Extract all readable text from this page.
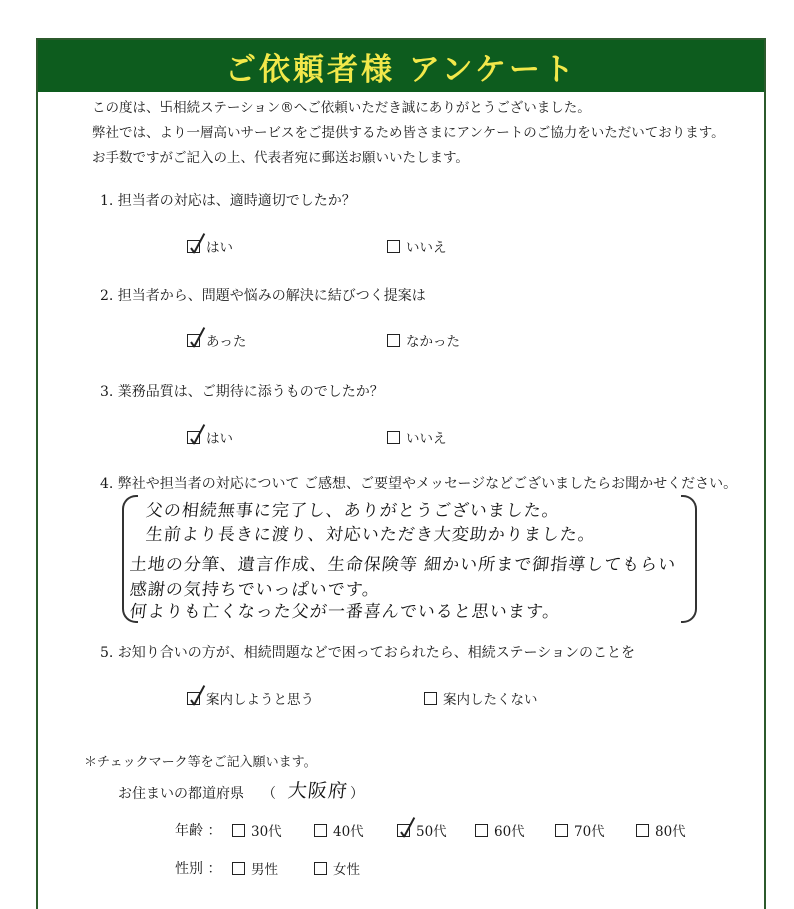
ご依頼者様 アンケート
この度は、࿕相続ステーション®へご依頼いただき誠にありがとうございました。
弊社では、より一層高いサービスをご提供するため皆さまにアンケートのご協力をいただいております。
お手数ですがご記入の上、代表者宛に郵送お願いいたします。
1. 担当者の対応は、適時適切でしたか？
はい	いいえ
2. 担当者から、問題や悩みの解決に結びつく提案は
あった	なかった
3. 業務品質は、ご期待に添うものでしたか？
はい	いいえ
4. 弊社や担当者の対応について ご感想、ご要望やメッセージなどございましたらお聞かせください。
父の相続無事に完了し、ありがとうございました。
生前より長きに渡り、対応いただき大変助かりました。
土地の分筆、遺言作成、生命保険等 細かい所まで御指導してもらい
感謝の気持ちでいっぱいです。
何よりも亡くなった父が一番喜んでいると思います。
5. お知り合いの方が、相続問題などで困っておられたら、相続ステーションのことを
案内しようと思う	案内したくない
＊チェックマーク等をご記入願います。
お住まいの都道府県 （ 大阪府 ）
年齢 ： 30代	40代	50代	60代	70代	80代
性別 ： 男性	女性
